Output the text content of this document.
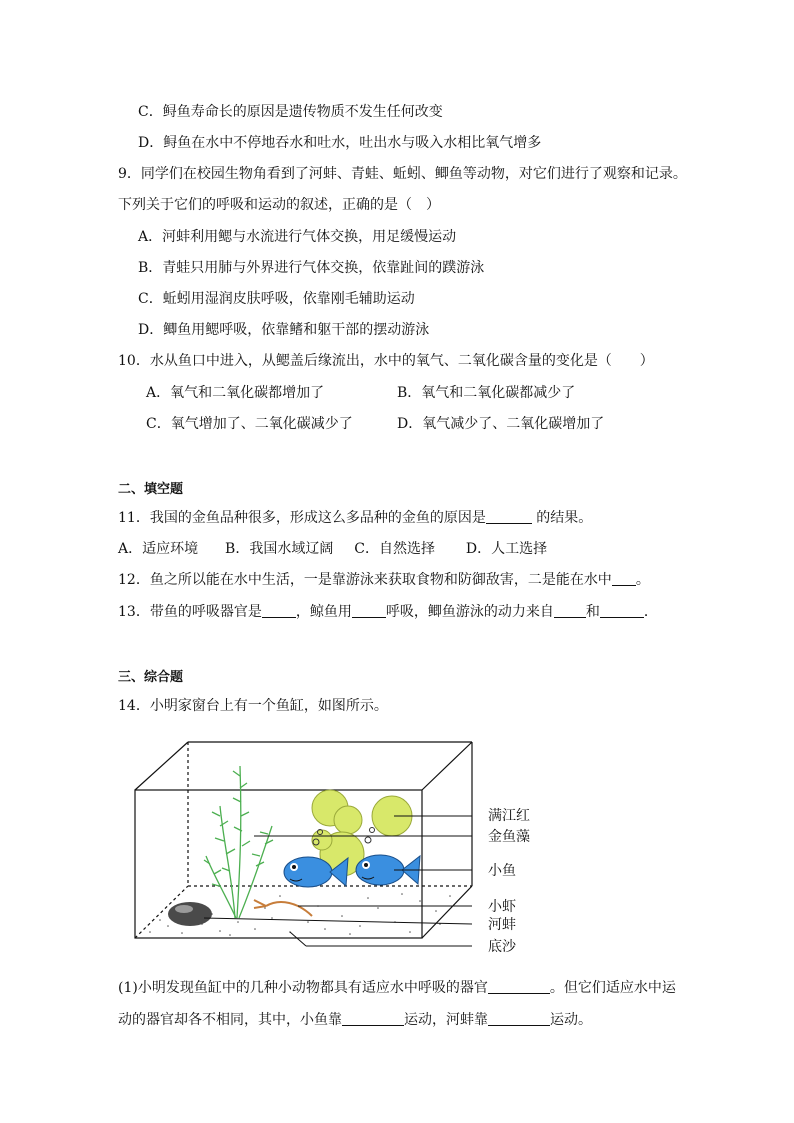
C．鲟鱼寿命长的原因是遗传物质不发生任何改变
D．鲟鱼在水中不停地吞水和吐水，吐出水与吸入水相比氧气增多
9．同学们在校园生物角看到了河蚌、青蛙、蚯蚓、鲫鱼等动物，对它们进行了观察和记录。
下列关于它们的呼吸和运动的叙述，正确的是（　）
A．河蚌利用鳃与水流进行气体交换，用足缓慢运动
B．青蛙只用肺与外界进行气体交换，依靠趾间的蹼游泳
C．蚯蚓用湿润皮肤呼吸，依靠刚毛辅助运动
D．鲫鱼用鳃呼吸，依靠鳍和躯干部的摆动游泳
10．水从鱼口中进入，从鳃盖后缘流出，水中的氧气、二氧化碳含量的变化是（　　）
A．氧气和二氧化碳都增加了	B．氧气和二氧化碳都减少了
C．氧气增加了、二氧化碳减少了	D．氧气减少了、二氧化碳增加了
二、填空题
11．我国的金鱼品种很多，形成这么多品种的金鱼的原因是	的结果。
A．适应环境 B．我国水域辽阔 C．自然选择 D．人工选择
12．鱼之所以能在水中生活，一是靠游泳来获取食物和防御敌害，二是能在水中 。
13．带鱼的呼吸器官是 ，鲸鱼用 呼吸，鲫鱼游泳的动力来自 和	．
三、综合题
14．小明家窗台上有一个鱼缸，如图所示。
满江红
金鱼藻
小鱼
小虾
河蚌
底沙
(1)小明发现鱼缸中的几种小动物都具有适应水中呼吸的器官	。但它们适应水中运
动的器官却各不相同，其中，小鱼靠	运动，河蚌靠	运动。
